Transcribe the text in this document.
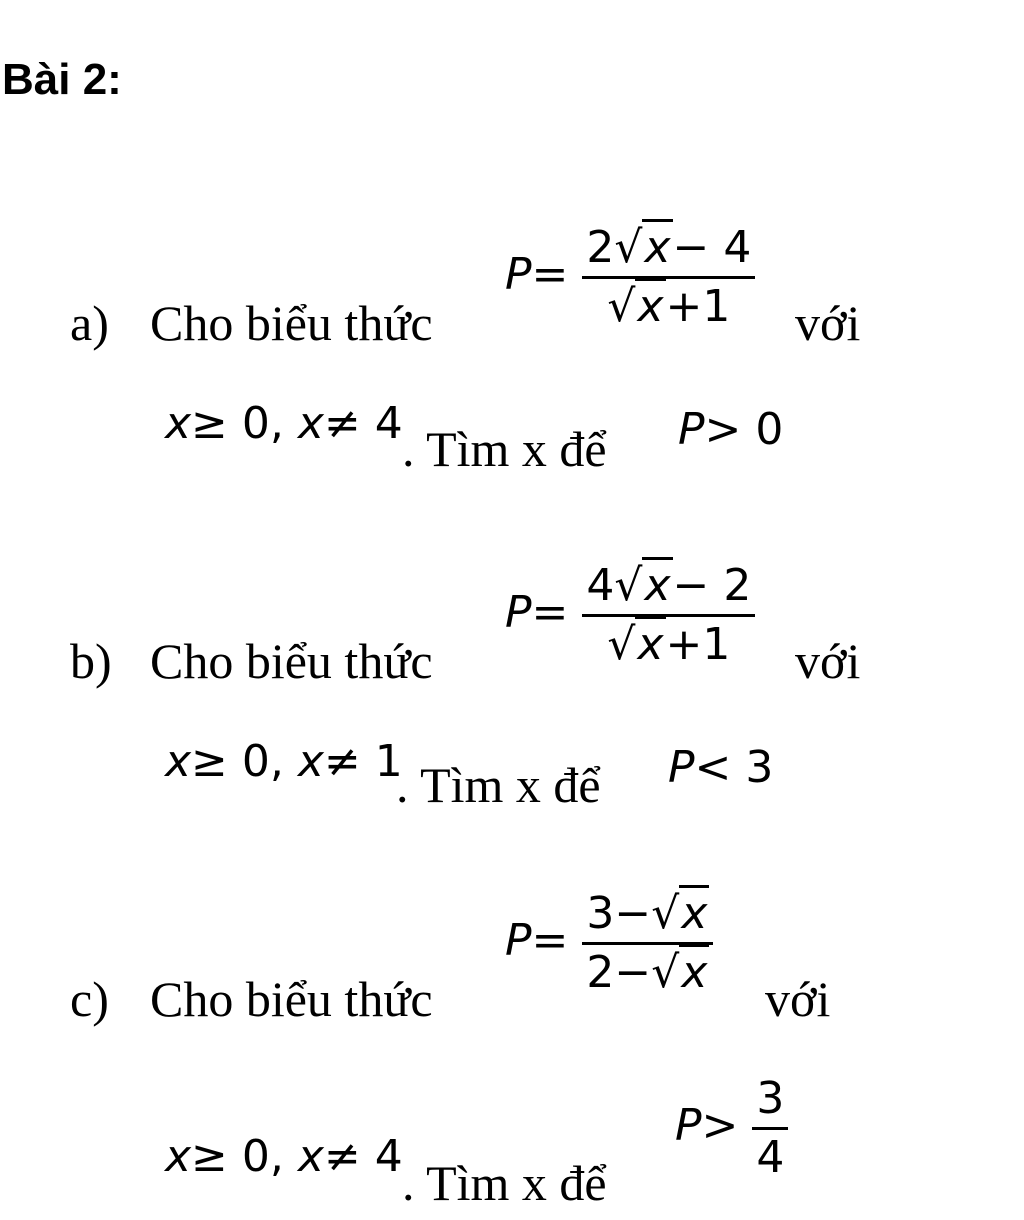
Bài 2:
a) Cho biểu thức
$P= \frac{2√x- 4}{√x+1}$ với
x≥ 0, x≠ 4 . Tìm x để P> 0
b) Cho biểu thức
$P= \frac{4√x- 2}{√x+1}$ với
x≥ 0, x≠ 1
. Tìm x để P< 3
c) Cho biểu thức
$P= \frac{3-√x}{2-√x}$
với
x≥ 0, x≠ 4 . Tìm x để
$P> \frac{3}{4}$
